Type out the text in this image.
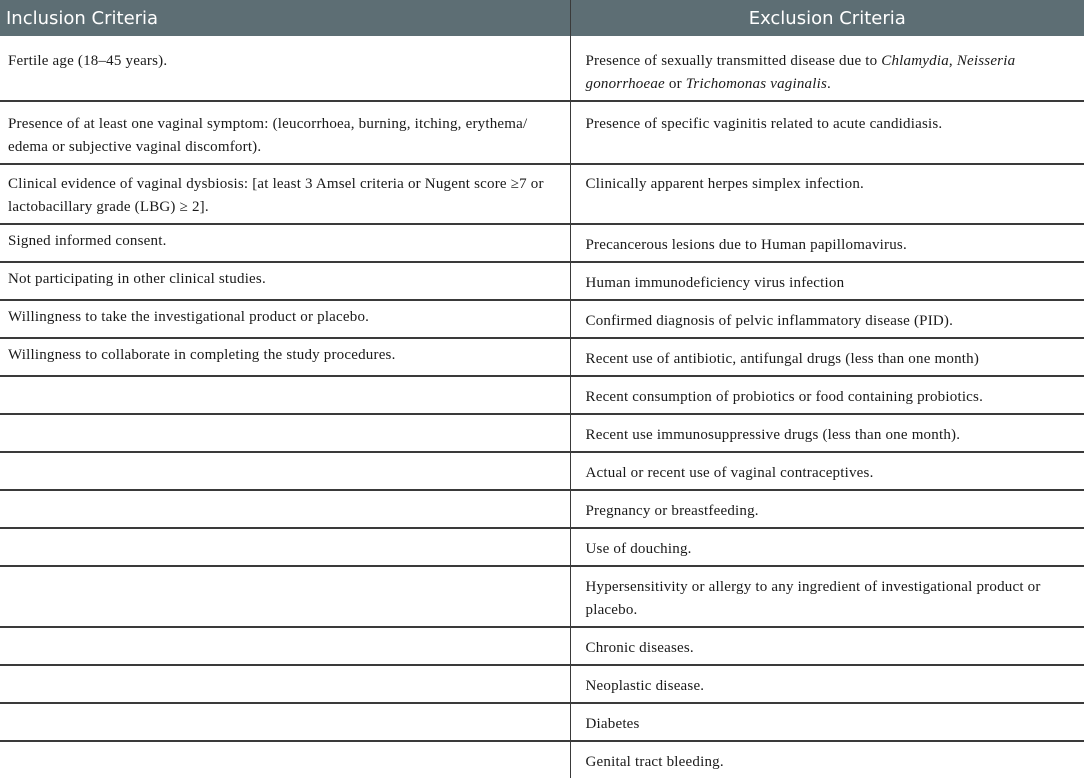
Inclusion Criteria	Exclusion Criteria
Fertile age (18–45 years).	Presence of sexually transmitted disease due to Chlamydia, Neisseria gonorrhoeae or Trichomonas vaginalis.
Presence of at least one vaginal symptom: (leucorrhoea, burning, itching, erythema/ edema or subjective vaginal discomfort).	Presence of specific vaginitis related to acute candidiasis.
Clinical evidence of vaginal dysbiosis: [at least 3 Amsel criteria or Nugent score ≥7 or lactobacillary grade (LBG) ≥ 2].	Clinically apparent herpes simplex infection.
Signed informed consent.	Precancerous lesions due to Human papillomavirus.
Not participating in other clinical studies.	Human immunodeficiency virus infection
Willingness to take the investigational product or placebo.	Confirmed diagnosis of pelvic inflammatory disease (PID).
Willingness to collaborate in completing the study procedures.	Recent use of antibiotic, antifungal drugs (less than one month)
	Recent consumption of probiotics or food containing probiotics.
	Recent use immunosuppressive drugs (less than one month).
	Actual or recent use of vaginal contraceptives.
	Pregnancy or breastfeeding.
	Use of douching.
	Hypersensitivity or allergy to any ingredient of investigational product or placebo.
	Chronic diseases.
	Neoplastic disease.
	Diabetes
	Genital tract bleeding.
